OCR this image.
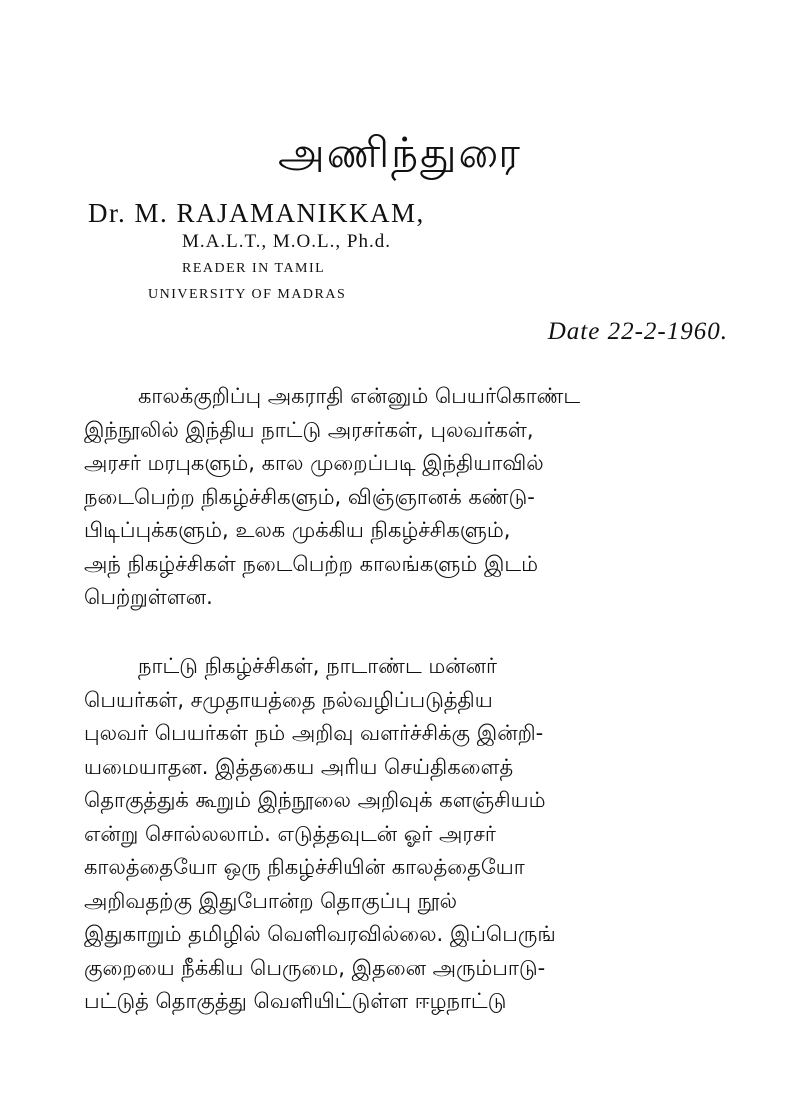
அணிந்துரை
Dr. M. RAJAMANIKKAM,
M.A.L.T., M.O.L., Ph.d.
READER IN TAMIL
UNIVERSITY OF MADRAS
Date 22-2-1960.
காலக்குறிப்பு அகராதி என்னும் பெயர்கொண்ட
இந்நூலில் இந்திய நாட்டு அரசர்கள், புலவர்கள்,
அரசர் மரபுகளும், கால முறைப்படி இந்தியாவில்
நடைபெற்ற நிகழ்ச்சிகளும், விஞ்ஞானக் கண்டு-
பிடிப்புக்களும், உலக முக்கிய நிகழ்ச்சிகளும்,
அந் நிகழ்ச்சிகள் நடைபெற்ற காலங்களும் இடம்
பெற்றுள்ளன.
நாட்டு நிகழ்ச்சிகள், நாடாண்ட மன்னர்
பெயர்கள், சமுதாயத்தை நல்வழிப்படுத்திய
புலவர் பெயர்கள் நம் அறிவு வளர்ச்சிக்கு இன்றி-
யமையாதன. இத்தகைய அரிய செய்திகளைத்
தொகுத்துக் கூறும் இந்நூலை அறிவுக் களஞ்சியம்
என்று சொல்லலாம். எடுத்தவுடன் ஓர் அரசர்
காலத்தையோ ஒரு நிகழ்ச்சியின் காலத்தையோ
அறிவதற்கு இதுபோன்ற தொகுப்பு நூல்
இதுகாறும் தமிழில் வெளிவரவில்லை. இப்பெருங்
குறையை நீக்கிய பெருமை, இதனை அரும்பாடு-
பட்டுத் தொகுத்து வெளியிட்டுள்ள ஈழநாட்டு
